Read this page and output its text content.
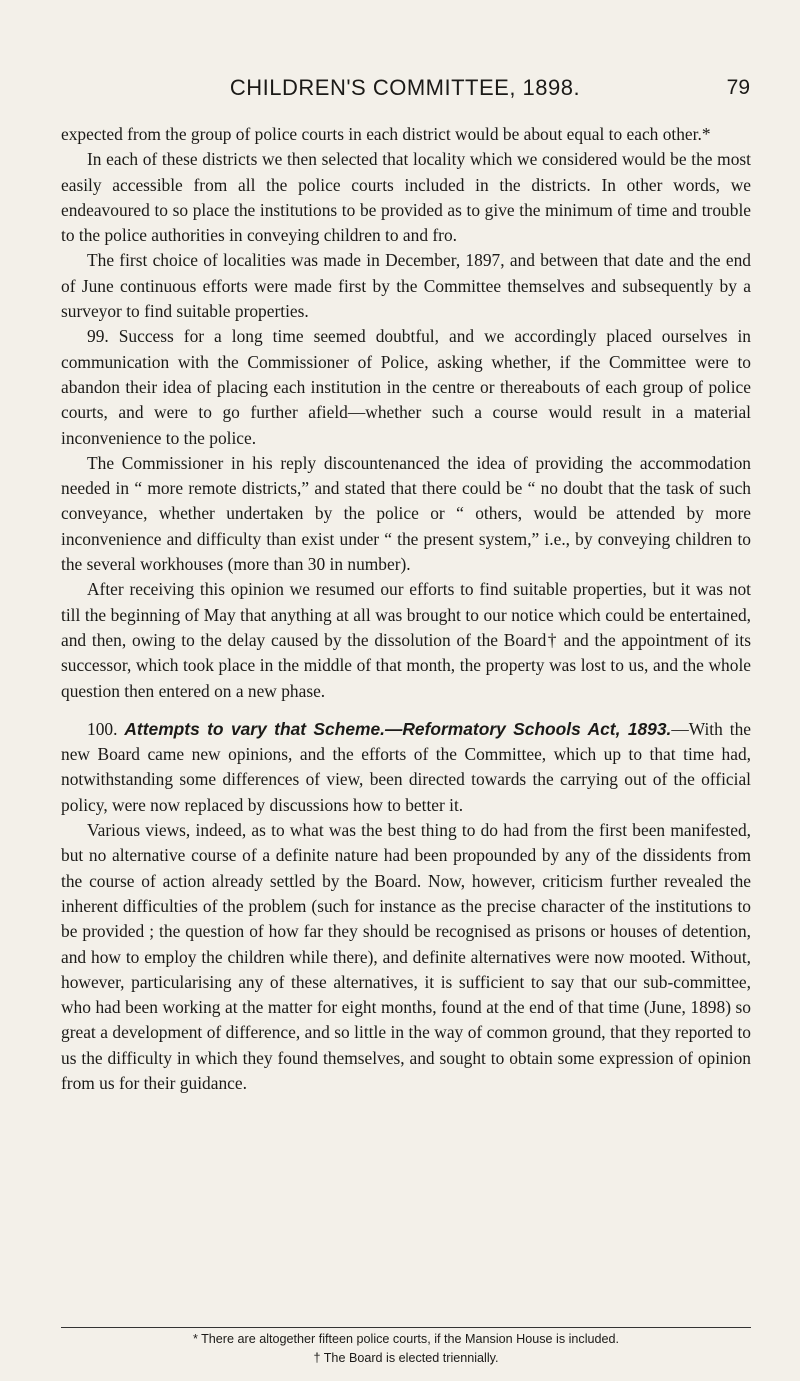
CHILDREN'S COMMITTEE, 1898.	79

expected from the group of police courts in each district would be about equal to each other.*

In each of these districts we then selected that locality which we considered would be the most easily accessible from all the police courts included in the districts. In other words, we endeavoured to so place the institutions to be provided as to give the minimum of time and trouble to the police authorities in conveying children to and fro.

The first choice of localities was made in December, 1897, and between that date and the end of June continuous efforts were made first by the Committee themselves and subsequently by a surveyor to find suitable properties.

99. Success for a long time seemed doubtful, and we accordingly placed ourselves in communication with the Commissioner of Police, asking whether, if the Committee were to abandon their idea of placing each institution in the centre or thereabouts of each group of police courts, and were to go further afield—whether such a course would result in a material inconvenience to the police.

The Commissioner in his reply discountenanced the idea of providing the accommodation needed in “ more remote districts,” and stated that there could be “ no doubt that the task of such conveyance, whether undertaken by the police or “ others, would be attended by more inconvenience and difficulty than exist under “ the present system,” i.e., by conveying children to the several workhouses (more than 30 in number).

After receiving this opinion we resumed our efforts to find suitable properties, but it was not till the beginning of May that anything at all was brought to our notice which could be entertained, and then, owing to the delay caused by the dissolution of the Board† and the appointment of its successor, which took place in the middle of that month, the property was lost to us, and the whole question then entered on a new phase.

100. Attempts to vary that Scheme.—Reformatory Schools Act, 1893.—With the new Board came new opinions, and the efforts of the Committee, which up to that time had, notwithstanding some differences of view, been directed towards the carrying out of the official policy, were now replaced by discussions how to better it.

Various views, indeed, as to what was the best thing to do had from the first been manifested, but no alternative course of a definite nature had been propounded by any of the dissidents from the course of action already settled by the Board. Now, however, criticism further revealed the inherent difficulties of the problem (such for instance as the precise character of the institutions to be provided ; the question of how far they should be recognised as prisons or houses of detention, and how to employ the children while there), and definite alternatives were now mooted. Without, however, particularising any of these alternatives, it is sufficient to say that our sub-committee, who had been working at the matter for eight months, found at the end of that time (June, 1898) so great a development of difference, and so little in the way of common ground, that they reported to us the difficulty in which they found themselves, and sought to obtain some expression of opinion from us for their guidance.

* There are altogether fifteen police courts, if the Mansion House is included.
† The Board is elected triennially.
